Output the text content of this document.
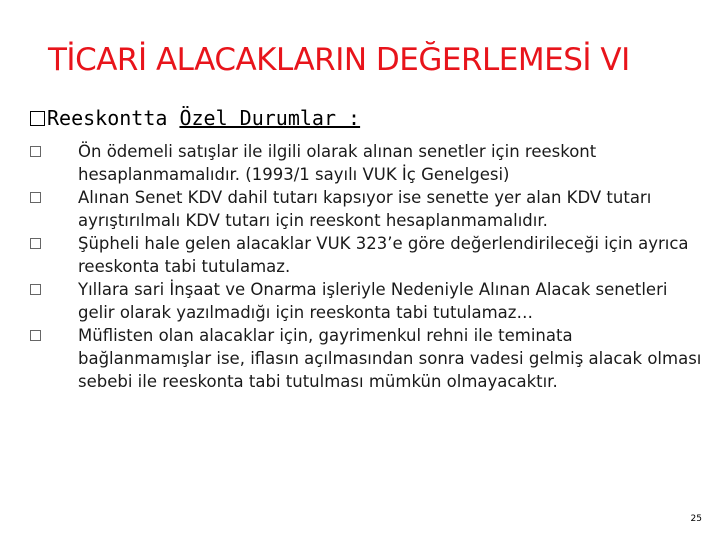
TİCARİ ALACAKLARIN DEĞERLEMESİ VI
Reeskontta Özel Durumlar :
Ön ödemeli satışlar ile ilgili olarak alınan senetler için reeskont hesaplanmamalıdır. (1993/1 sayılı VUK İç Genelgesi)
Alınan Senet KDV dahil tutarı kapsıyor ise senette yer alan KDV tutarı ayrıştırılmalı KDV tutarı için reeskont hesaplanmamalıdır.
Şüpheli hale gelen alacaklar VUK 323’e göre değerlendirileceği için ayrıca reeskonta tabi tutulamaz.
Yıllara sari İnşaat ve Onarma işleriyle Nedeniyle Alınan Alacak senetleri gelir olarak yazılmadığı için reeskonta tabi tutulamaz…
Müflisten olan alacaklar için, gayrimenkul rehni ile teminata bağlanmamışlar ise, iflasın açılmasından sonra vadesi gelmiş alacak olması sebebi ile reeskonta tabi tutulması mümkün olmayacaktır.
25
